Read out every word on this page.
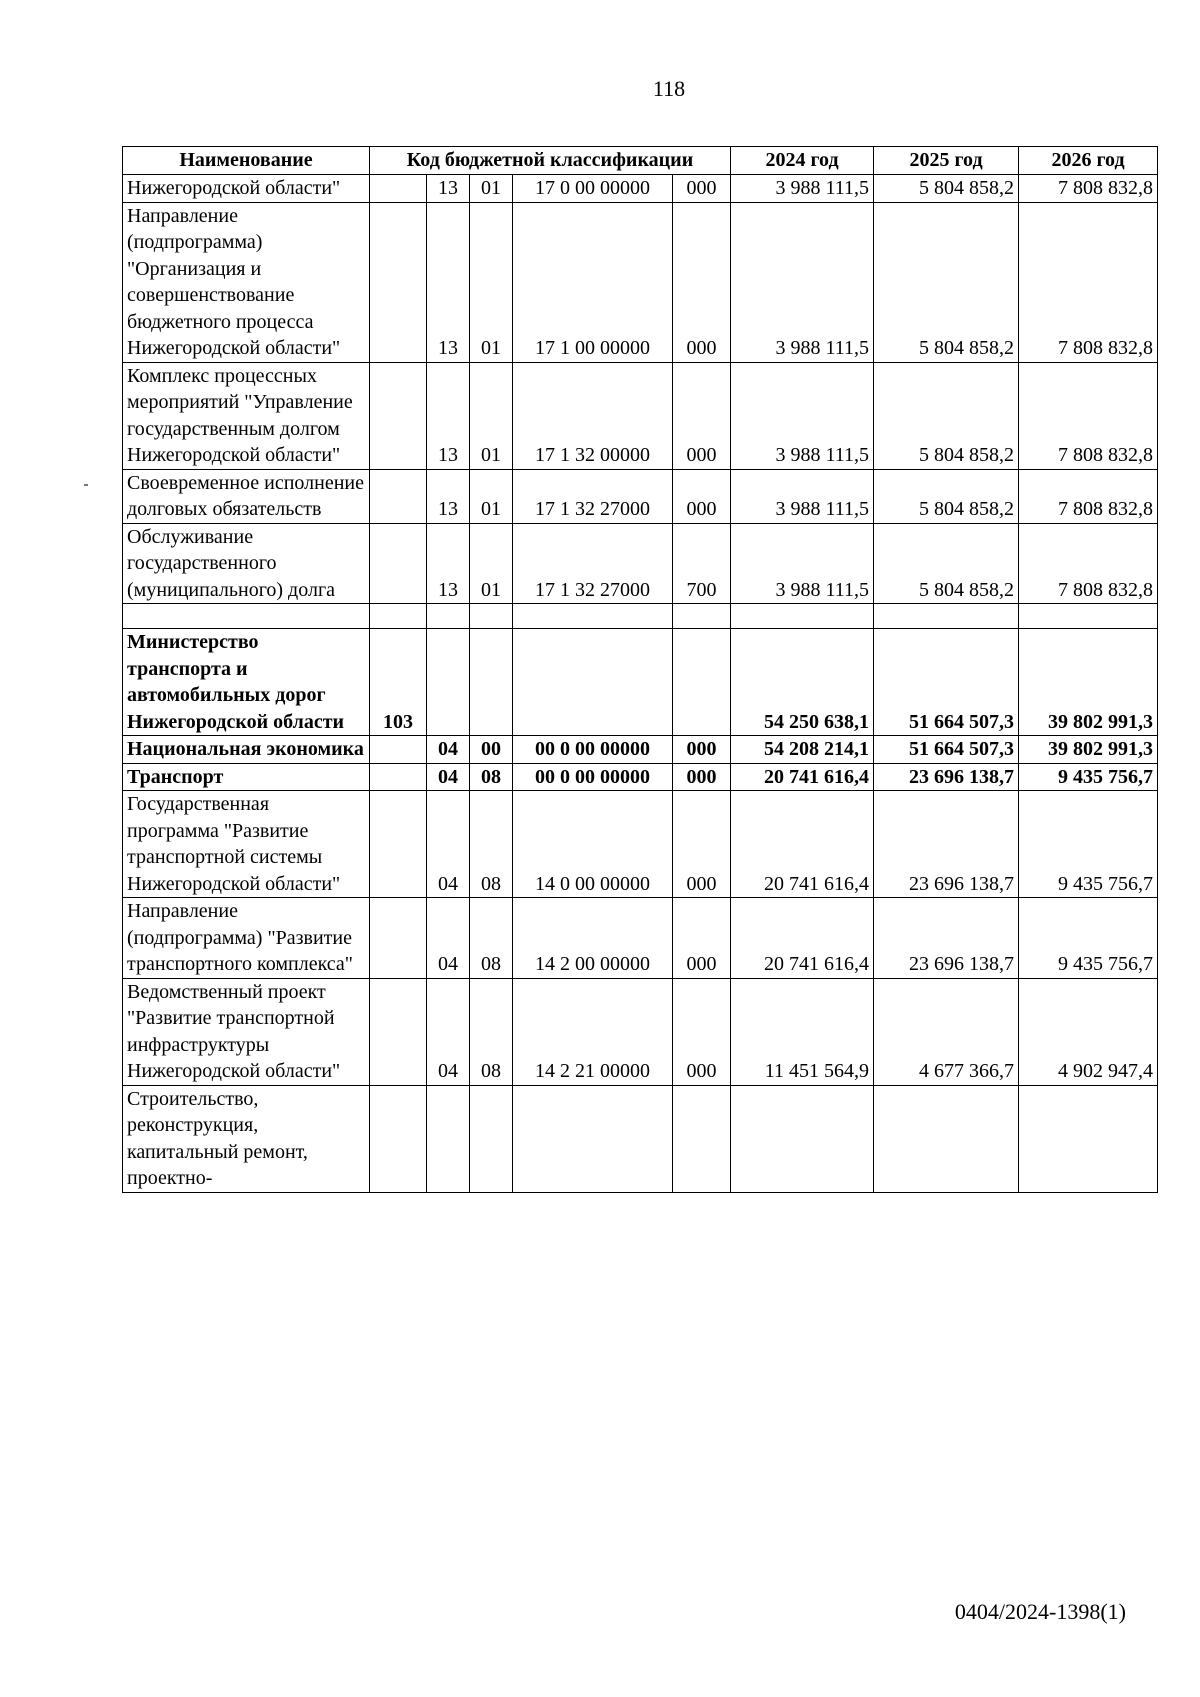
118
Наименование	Код бюджетной классификации					2024 год	2025 год	2026 год
Нижегородской области"		13	01	17 0 00 00000	000	3 988 111,5	5 804 858,2	7 808 832,8
Направление (подпрограмма) "Организация и совершенствование бюджетного процесса Нижегородской области"		13	01	17 1 00 00000	000	3 988 111,5	5 804 858,2	7 808 832,8
Комплекс процессных мероприятий "Управление государственным долгом Нижегородской области"		13	01	17 1 32 00000	000	3 988 111,5	5 804 858,2	7 808 832,8
Своевременное исполнение долговых обязательств		13	01	17 1 32 27000	000	3 988 111,5	5 804 858,2	7 808 832,8
Обслуживание государственного (муниципального) долга		13	01	17 1 32 27000	700	3 988 111,5	5 804 858,2	7 808 832,8

Министерство транспорта и автомобильных дорог Нижегородской области	103					54 250 638,1	51 664 507,3	39 802 991,3
Национальная экономика		04	00	00 0 00 00000	000	54 208 214,1	51 664 507,3	39 802 991,3
Транспорт		04	08	00 0 00 00000	000	20 741 616,4	23 696 138,7	9 435 756,7
Государственная программа "Развитие транспортной системы Нижегородской области"		04	08	14 0 00 00000	000	20 741 616,4	23 696 138,7	9 435 756,7
Направление (подпрограмма) "Развитие транспортного комплекса"		04	08	14 2 00 00000	000	20 741 616,4	23 696 138,7	9 435 756,7
Ведомственный проект "Развитие транспортной инфраструктуры Нижегородской области"		04	08	14 2 21 00000	000	11 451 564,9	4 677 366,7	4 902 947,4
Строительство, реконструкция, капитальный ремонт, проектно-								
0404/2024-1398(1)
